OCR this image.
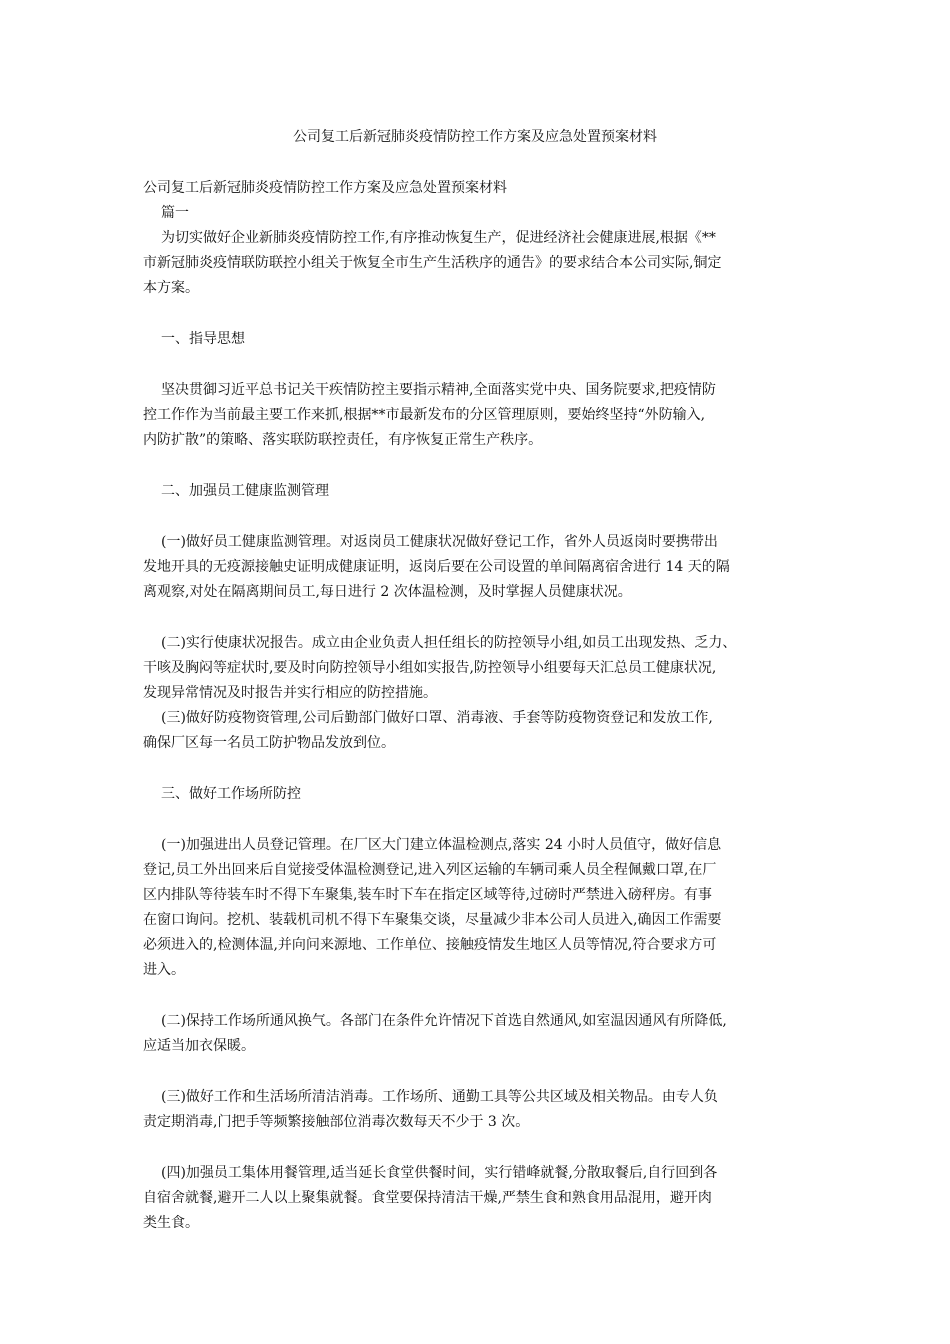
公司复工后新冠肺炎疫情防控工作方案及应急处置预案材料

公司复工后新冠肺炎疫情防控工作方案及应急处置预案材料

篇一

为切实做好企业新肺炎疫情防控工作,有序推动恢复生产，促进经济社会健康进展,根据《**

市新冠肺炎疫情联防联控小组关于恢复全市生产生活秩序的通告》的要求结合本公司实际,铜定

本方案。

一、指导思想

坚决贯御习近平总书记关干疾情防控主要指示精神,全面落实党中央、国务院要求,把疫情防

控工作作为当前最主要工作来抓,根据**市最新发布的分区管理原则，要始终坚持“外防输入,

内防扩散”的策略、落实联防联控责任，有序恢复正常生产秩序。

二、加强员工健康监测管理

(一)做好员工健康监测管理。对返岗员工健康状况做好登记工作，省外人员返岗时要携带出

发地开具的无疫源接触史证明成健康证明，返岗后要在公司设置的单间隔离宿舍进行 14 天的隔

离观察,对处在隔离期间员工,每日进行 2 次体温检测，及时掌握人员健康状况。

(二)实行使康状况报告。成立由企业负责人担任组长的防控领导小组,如员工出现发热、乏力、

干咳及胸闷等症状时,要及时向防控领导小组如实报告,防控领导小组要每天汇总员工健康状况,

发现异常情况及时报告并实行相应的防控措施。

(三)做好防疫物资管理,公司后勤部门做好口罩、消毒液、手套等防疫物资登记和发放工作,

确保厂区每一名员工防护物品发放到位。

三、做好工作场所防控

(一)加强进出人员登记管理。在厂区大门建立体温检测点,落实 24 小时人员值守，做好信息

登记,员工外出回来后自觉接受体温检测登记,进入列区运输的车辆司乘人员全程佩戴口罩,在厂

区内排队等待装车时不得下车聚集,装车时下车在指定区域等待,过磅时严禁进入磅秤房。有事

在窗口询问。挖机、装载机司机不得下车聚集交谈，尽量减少非本公司人员进入,确因工作需要

必须进入的,检测体温,并向问来源地、工作单位、接触疫情发生地区人员等情况,符合要求方可

进入。

(二)保持工作场所通风换气。各部门在条件允许情况下首选自然通风,如室温因通风有所降低,

应适当加衣保暖。

(三)做好工作和生活场所清洁消毒。工作场所、通勤工具等公共区域及相关物品。由专人负

责定期消毒,门把手等频繁接触部位消毒次数每天不少于 3 次。

(四)加强员工集体用餐管理,适当延长食堂供餐时间，实行错峰就餐,分散取餐后,自行回到各

自宿舍就餐,避开二人以上聚集就餐。食堂要保持清洁干燥,严禁生食和熟食用品混用，避开肉

类生食。
